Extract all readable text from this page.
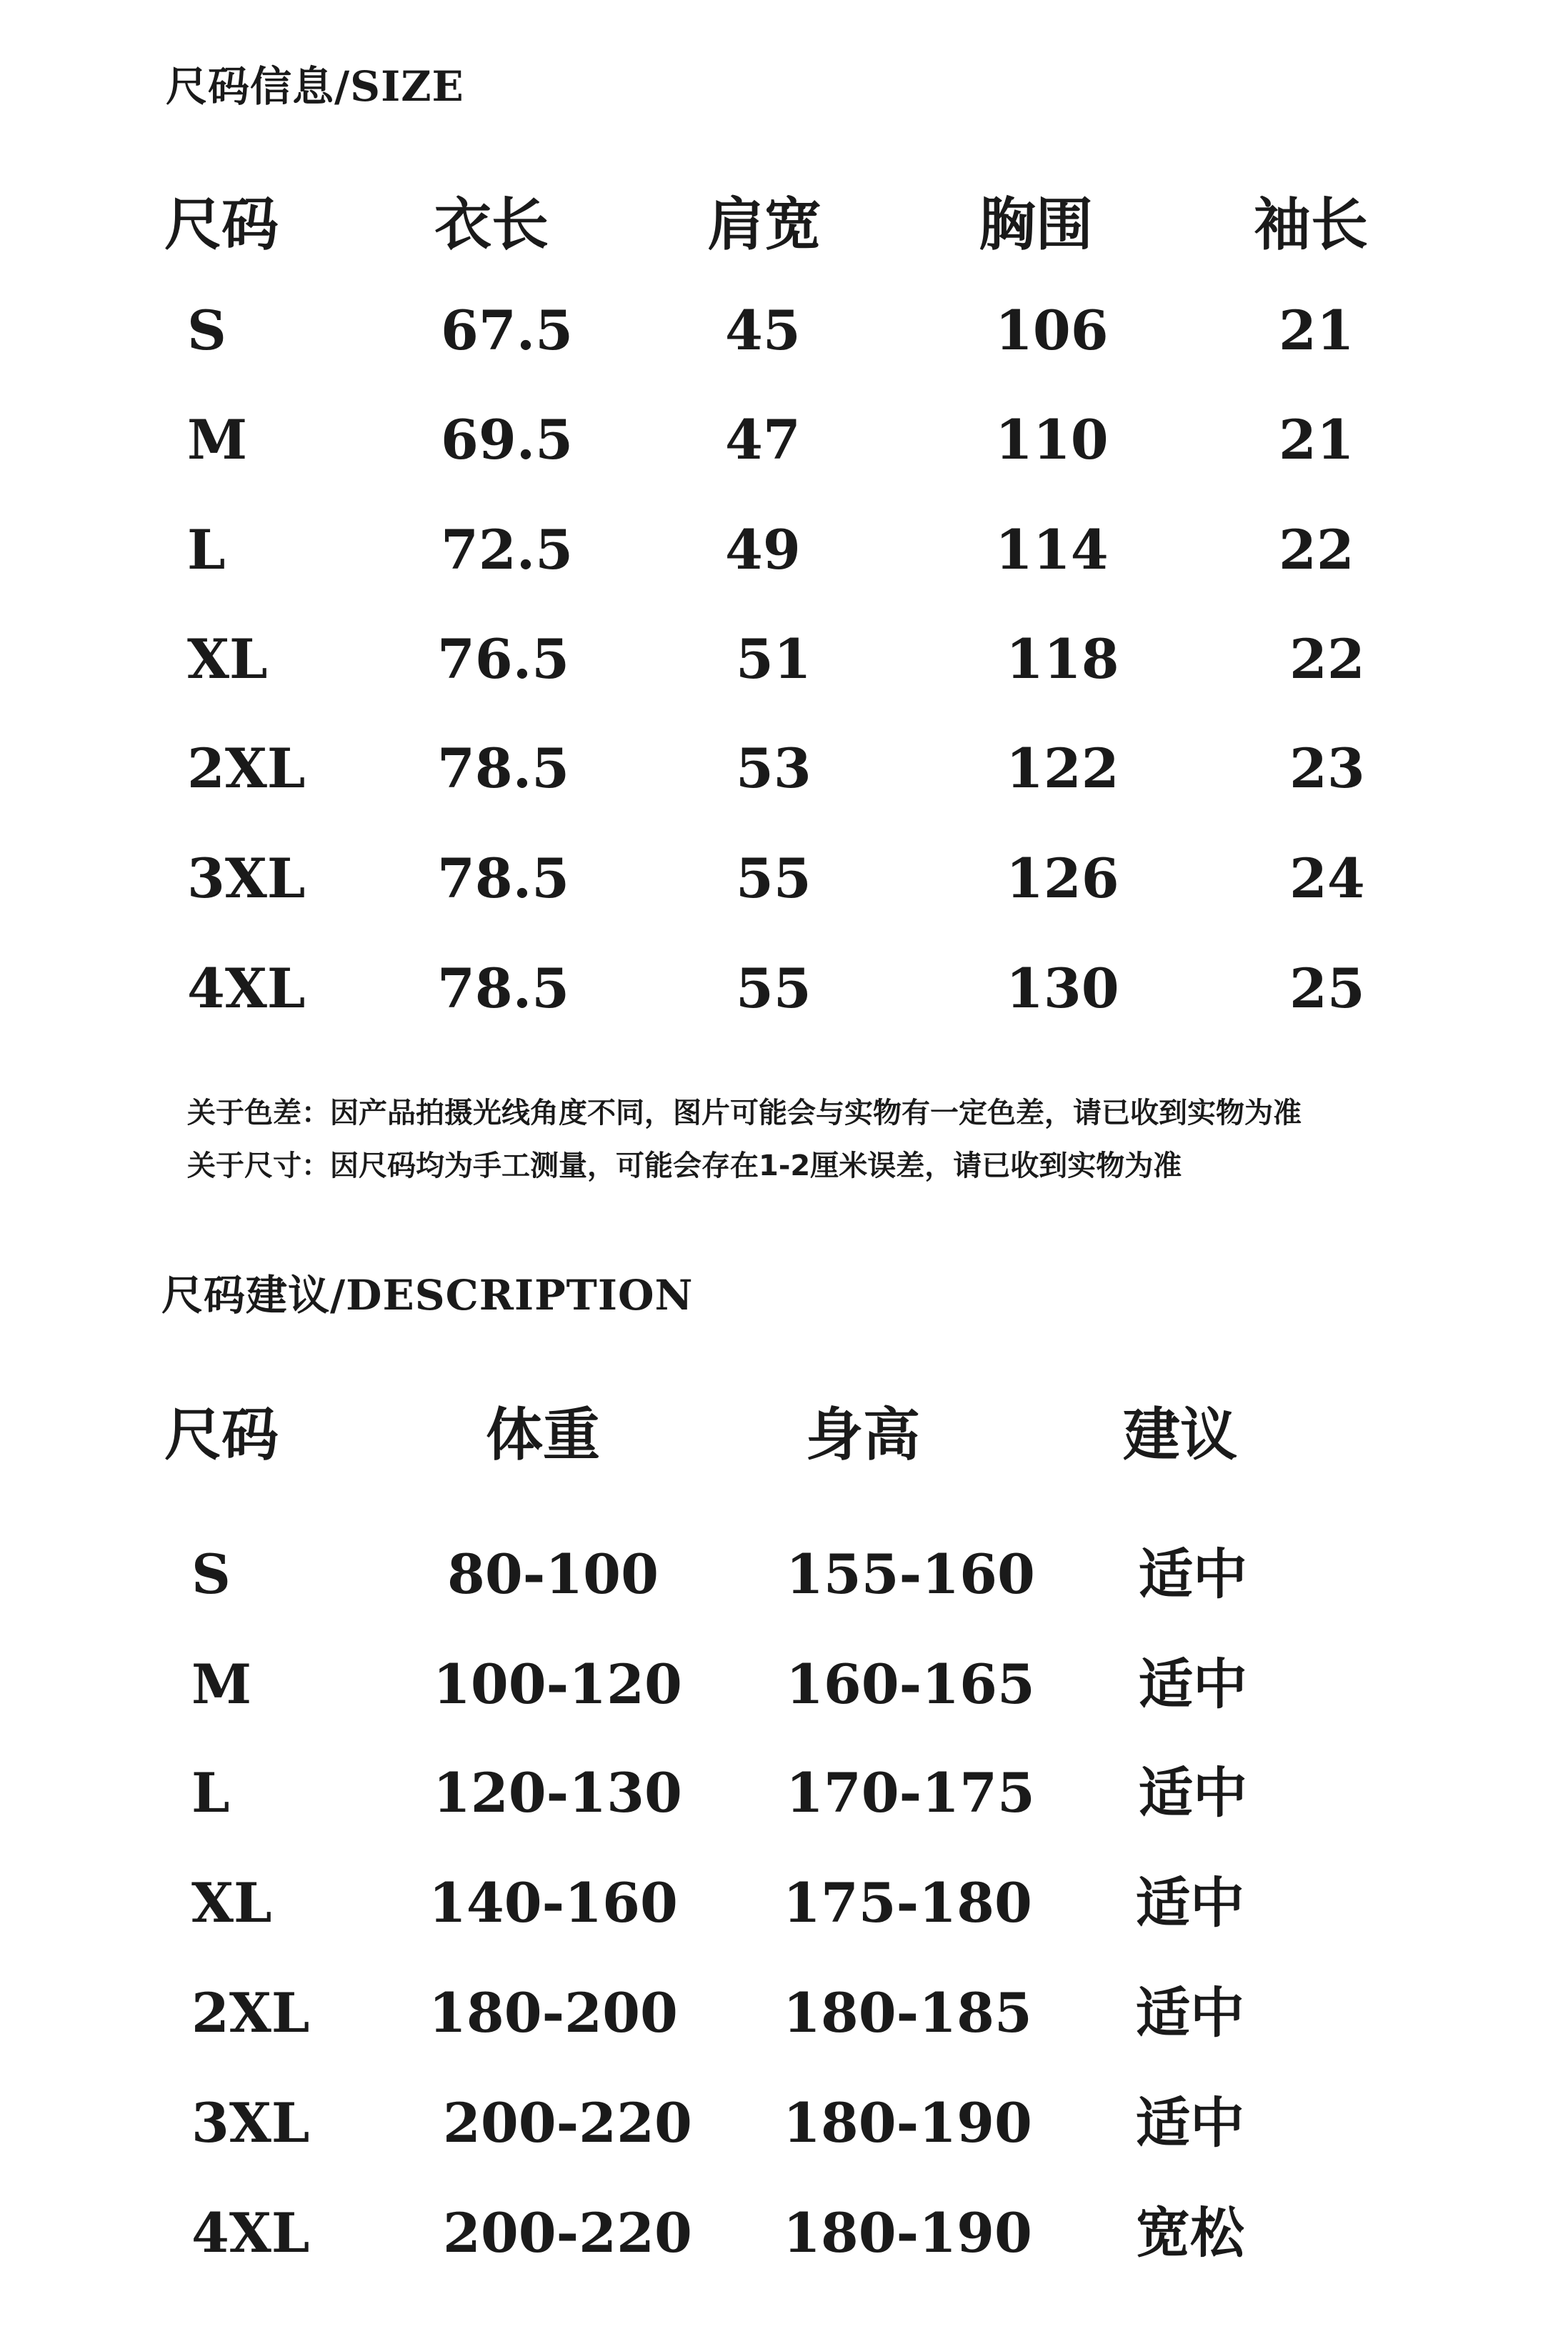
尺码信息/SIZE
尺码	衣长	肩宽	胸围	袖长
S	67.5	45	106	21
M	69.5	47	110	21
L	72.5	49	114	22
XL	76.5	51	118	22
2XL 78.5	53	122	23
3XL 78.5	55	126	24
4XL 78.5	55	130	25
关于色差：因产品拍摄光线角度不同，图片可能会与实物有一定色差，请已收到实物为准
关于尺寸：因尺码均为手工测量，可能会存在1-2厘米误差，请已收到实物为准
尺码建议/DESCRIPTION
尺码	体重	身高	建议
S	80-100 155-160 适中
M	100-120 160-165 适中
L	120-130 170-175 适中
XL	140-160 175-180 适中
2XL 180-200 180-185 适中
3XL 200-220 180-190 适中
4XL 200-220 180-190 宽松
